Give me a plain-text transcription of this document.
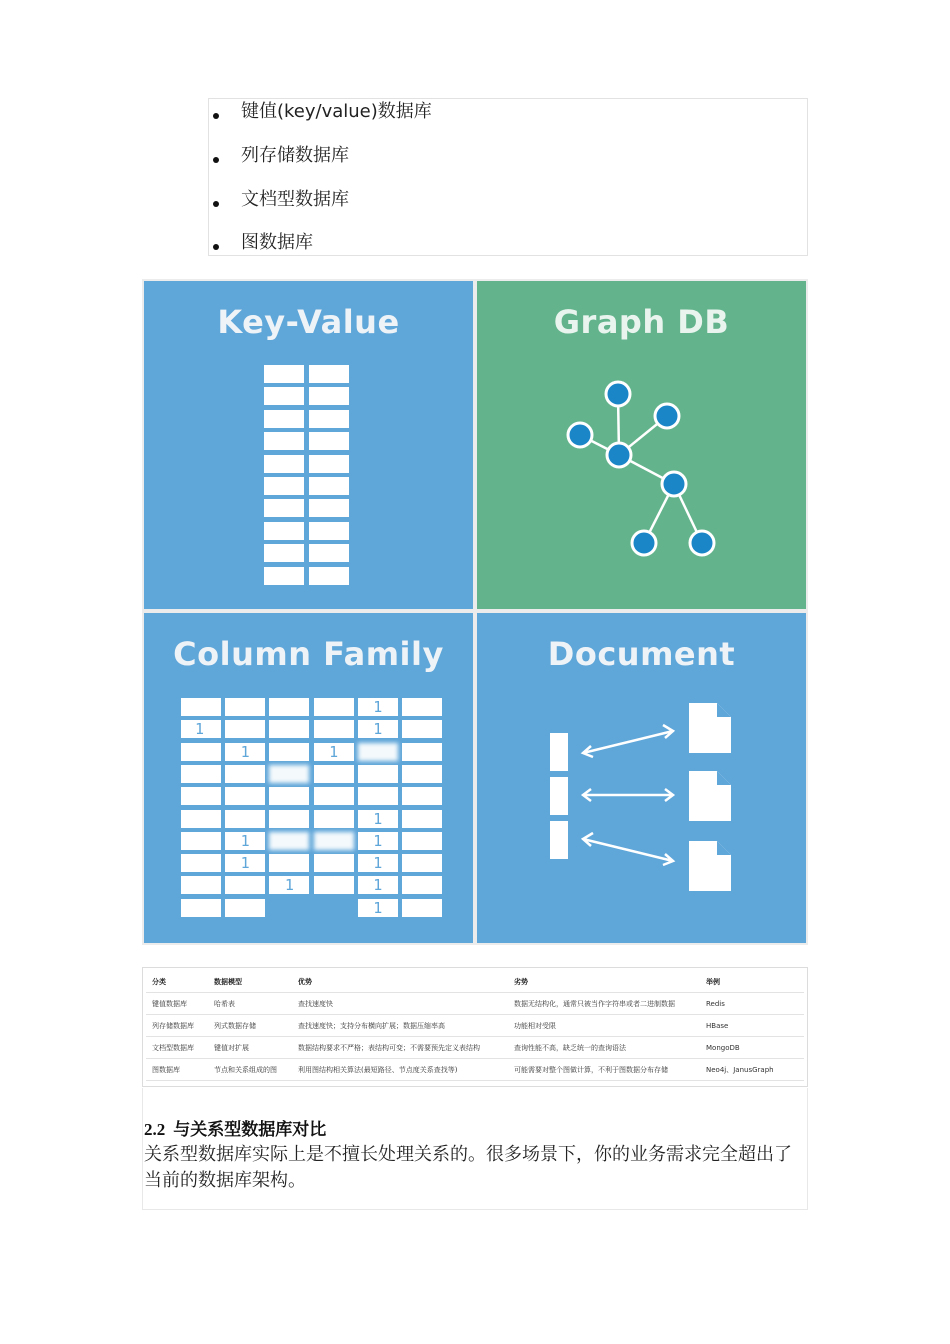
键值(key/value)数据库
列存储数据库
文档型数据库
图数据库
Key-Value	Graph DB
Column Family
1
1	1
1	1
1
1	1
1	1
1	1
1
Document
分类	数据模型	优势	劣势	举例
键值数据库	哈希表	查找速度快	数据无结构化，通常只被当作字符串或者二进制数据	Redis
列存储数据库	列式数据存储	查找速度快；支持分布横向扩展；数据压缩率高	功能相对受限	HBase
文档型数据库	键值对扩展	数据结构要求不严格；表结构可变；不需要预先定义表结构	查询性能不高，缺乏统一的查询语法	MongoDB
图数据库	节点和关系组成的图	利用图结构相关算法(最短路径、节点度关系查找等)	可能需要对整个图做计算，不利于图数据分布存储	Neo4j、JanusGraph
2.2 与关系型数据库对比
关系型数据库实际上是不擅长处理关系的。很多场景下，你的业务需求完全超出了当前的数据库架构。
